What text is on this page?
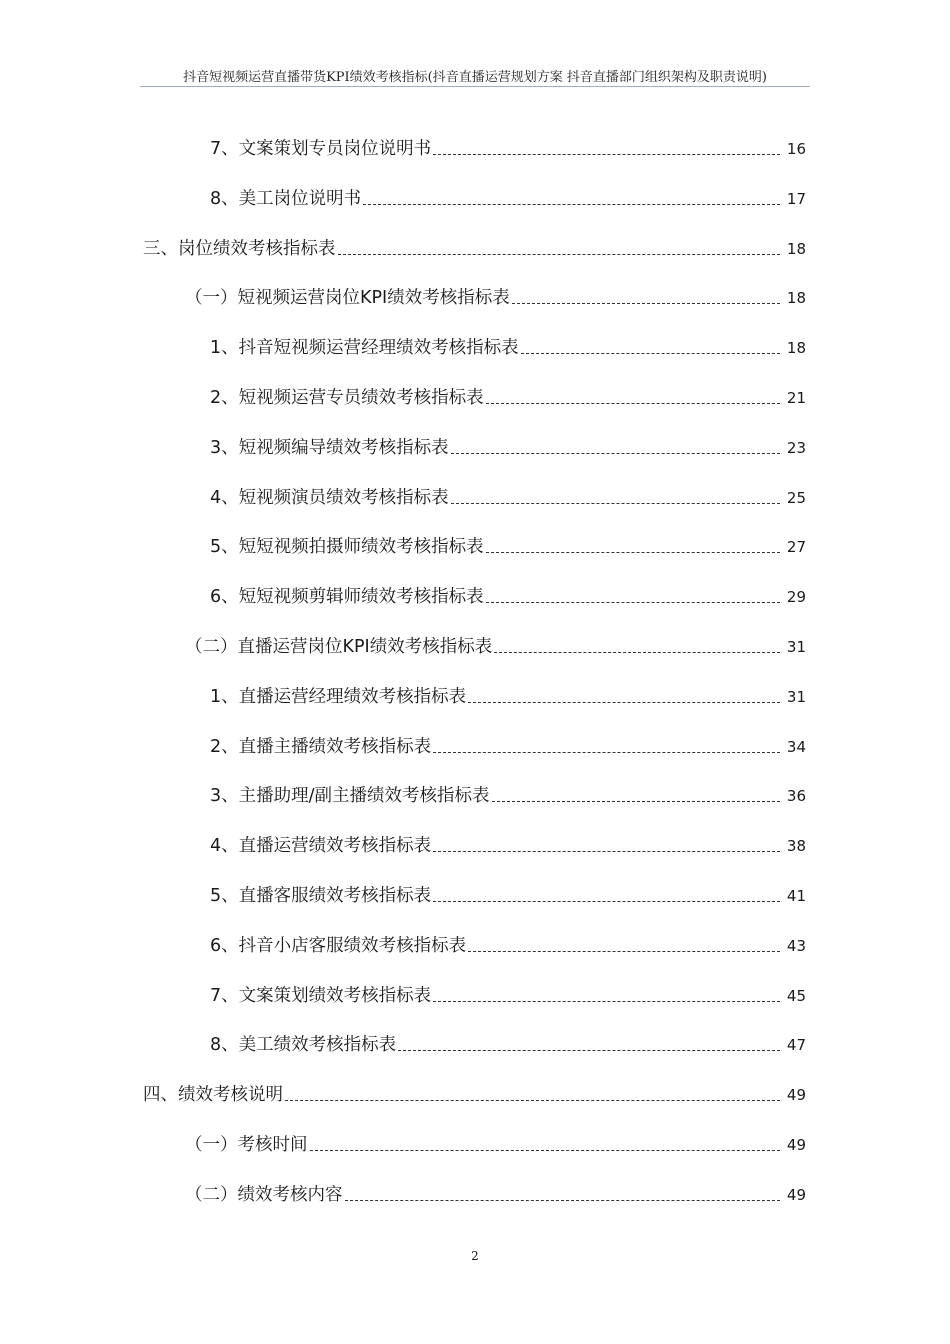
抖音短视频运营直播带货KPI绩效考核指标(抖音直播运营规划方案 抖音直播部门组织架构及职责说明)
7、文案策划专员岗位说明书	16
8、美工岗位说明书	17
三、岗位绩效考核指标表	18
（一）短视频运营岗位KPI绩效考核指标表	18
1、抖音短视频运营经理绩效考核指标表	18
2、短视频运营专员绩效考核指标表	21
3、短视频编导绩效考核指标表	23
4、短视频演员绩效考核指标表	25
5、短短视频拍摄师绩效考核指标表	27
6、短短视频剪辑师绩效考核指标表	29
（二）直播运营岗位KPI绩效考核指标表	31
1、直播运营经理绩效考核指标表	31
2、直播主播绩效考核指标表	34
3、主播助理/副主播绩效考核指标表	36
4、直播运营绩效考核指标表	38
5、直播客服绩效考核指标表	41
6、抖音小店客服绩效考核指标表	43
7、文案策划绩效考核指标表	45
8、美工绩效考核指标表	47
四、绩效考核说明	49
（一）考核时间	49
（二）绩效考核内容	49
2
